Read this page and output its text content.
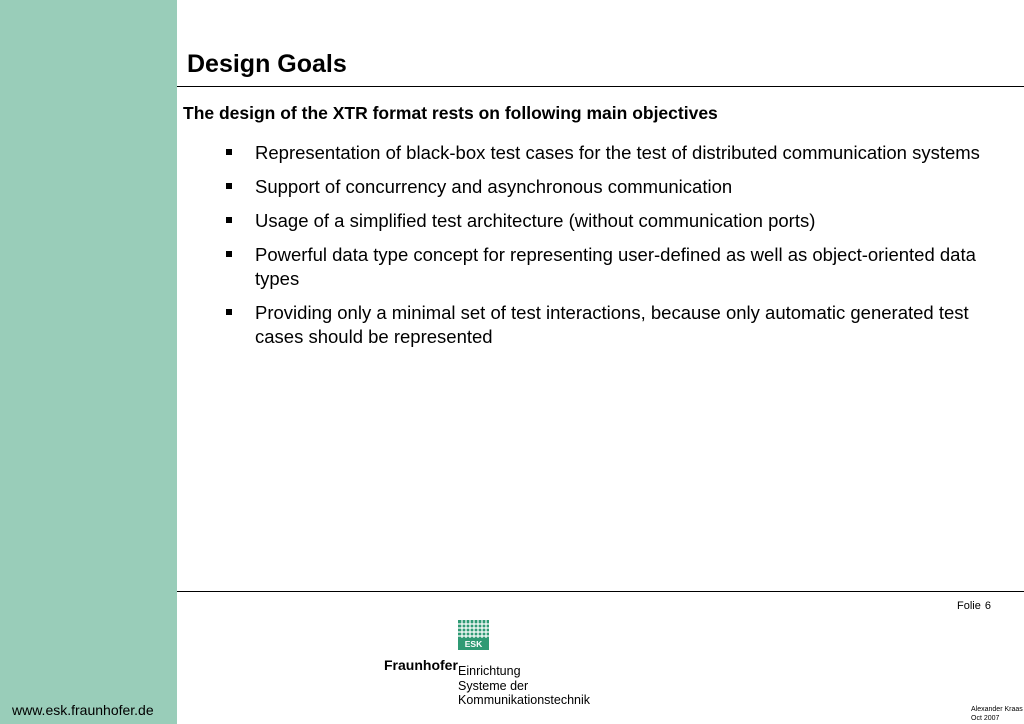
www.esk.fraunhofer.de
Design Goals
The design of the XTR format rests on following main objectives
Representation of black-box test cases for the test of distributed communication systems
Support of concurrency and asynchronous communication
Usage of a simplified test architecture (without communication ports)
Powerful data type concept for representing user-defined as well as object-oriented data types
Providing only a minimal set of test interactions, because only automatic generated test cases should be represented
Folie 6
ESK
Fraunhofer Einrichtung
Systeme der
Kommunikationstechnik
Alexander Kraas
Oct 2007
